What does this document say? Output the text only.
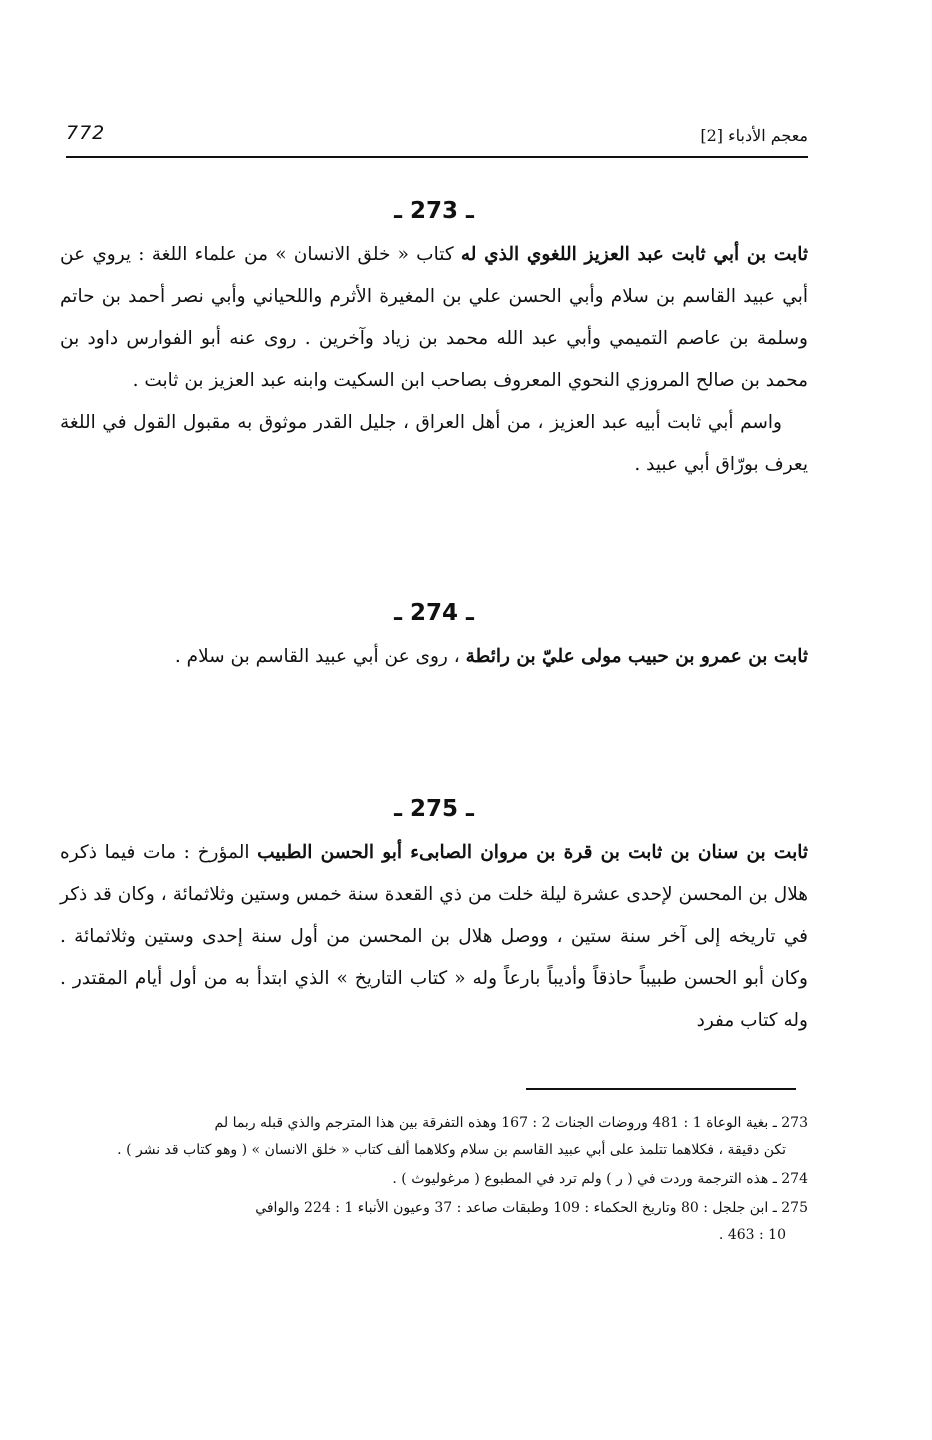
معجم الأدباء [2]
772
ـ 273 ـ

ثابت بن أبي ثابت عبد العزيز اللغوي الذي له كتاب « خلق الانسان » من علماء اللغة : يروي عن أبي عبيد القاسم بن سلام وأبي الحسن علي بن المغيرة الأثرم واللحياني وأبي نصر أحمد بن حاتم وسلمة بن عاصم التميمي وأبي عبد الله محمد بن زياد وآخرين . روى عنه أبو الفوارس داود بن محمد بن صالح المروزي النحوي المعروف بصاحب ابن السكيت وابنه عبد العزيز بن ثابت .

واسم أبي ثابت أبيه عبد العزيز ، من أهل العراق ، جليل القدر موثوق به مقبول القول في اللغة يعرف بورّاق أبي عبيد .

ـ 274 ـ

ثابت بن عمرو بن حبيب مولى عليّ بن رائطة ، روى عن أبي عبيد القاسم بن سلام .

ـ 275 ـ

ثابت بن سنان بن ثابت بن قرة بن مروان الصابىء أبو الحسن الطبيب المؤرخ : مات فيما ذكره هلال بن المحسن لإحدى عشرة ليلة خلت من ذي القعدة سنة خمس وستين وثلاثمائة ، وكان قد ذكر في تاريخه إلى آخر سنة ستين ، ووصل هلال بن المحسن من أول سنة إحدى وستين وثلاثمائة . وكان أبو الحسن طبيباً حاذقاً وأديباً بارعاً وله « كتاب التاريخ » الذي ابتدأ به من أول أيام المقتدر . وله كتاب مفرد

273 ـ بغية الوعاة 1 : 481 وروضات الجنات 2 : 167 وهذه التفرقة بين هذا المترجم والذي قبله ربما لم
تكن دقيقة ، فكلاهما تتلمذ على أبي عبيد القاسم بن سلام وكلاهما ألف كتاب « خلق الانسان » ( وهو كتاب قد نشر ) .
274 ـ هذه الترجمة وردت في ( ر ) ولم ترد في المطبوع ( مرغوليوث ) .
275 ـ ابن جلجل : 80 وتاريخ الحكماء : 109 وطبقات صاعد : 37 وعيون الأنباء 1 : 224 والوافي
10 : 463 .
